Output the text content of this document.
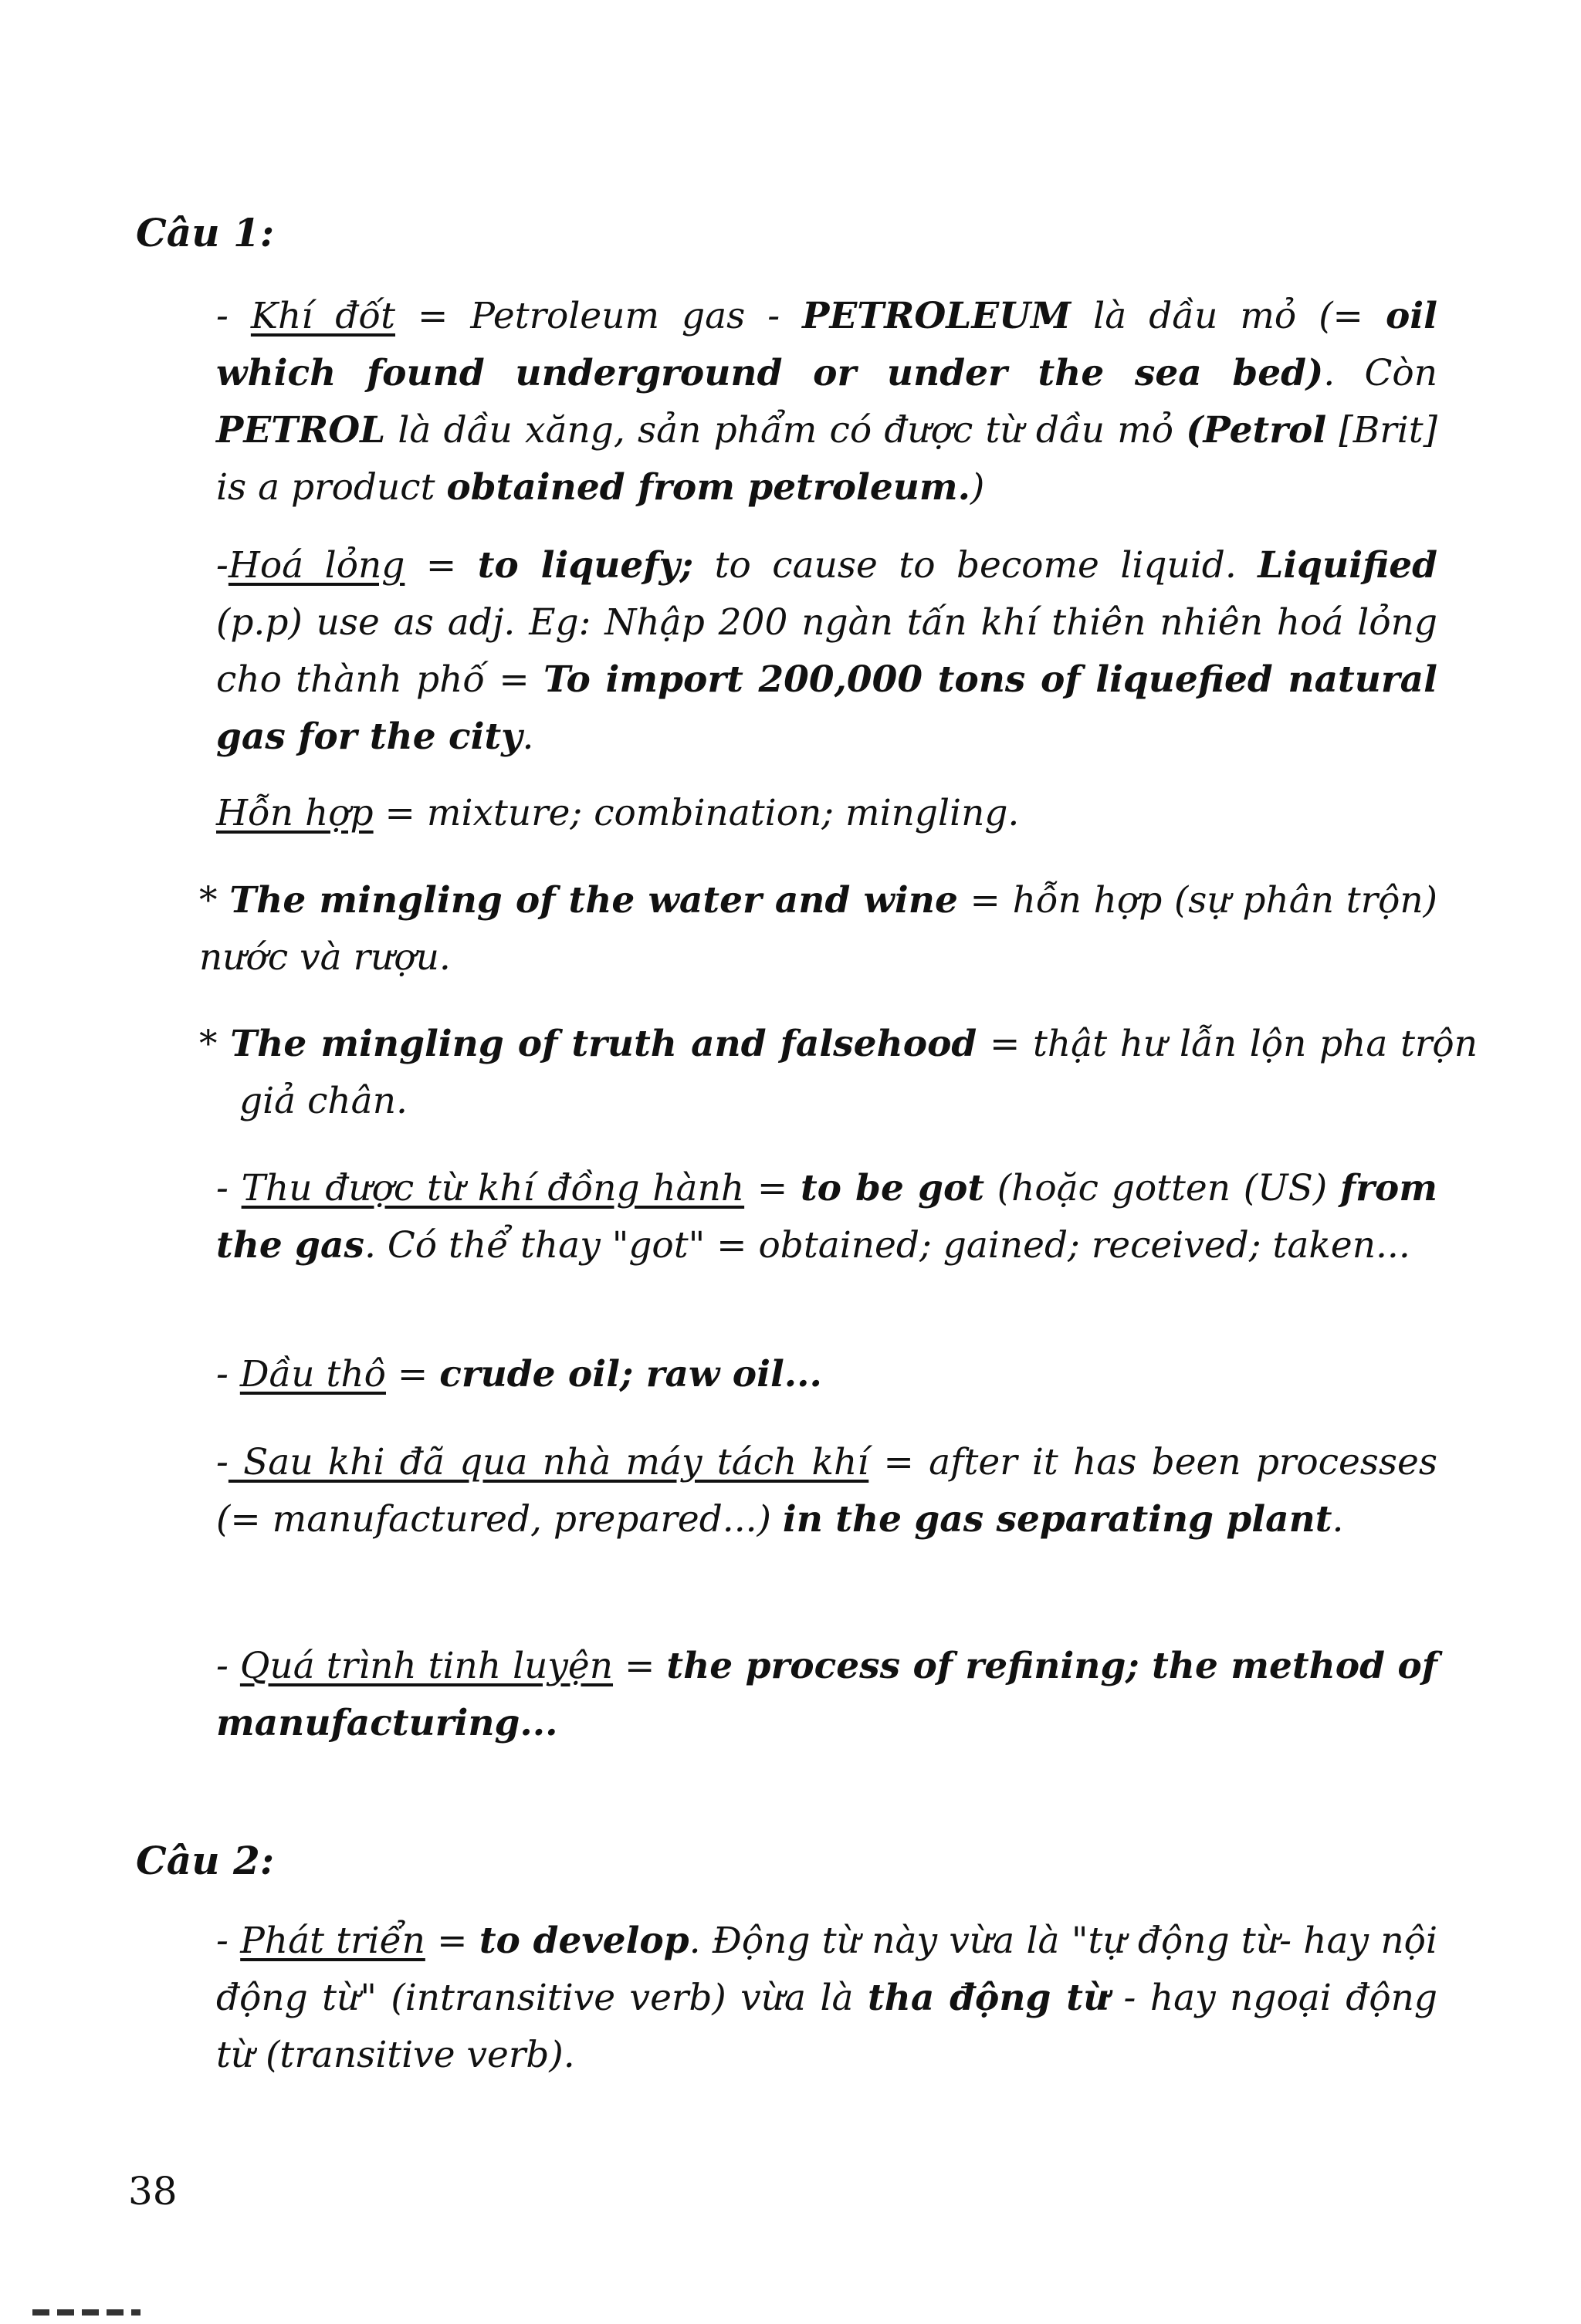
Câu 1:
- Khí đốt = Petroleum gas - PETROLEUM là dầu mỏ (= oil which found underground or under the sea bed). Còn PETROL là dầu xăng, sản phẩm có được từ dầu mỏ (Petrol [Brit] is a product obtained from petroleum.)
-Hoá lỏng = to liquefy; to cause to become liquid. Liquified (p.p) use as adj. Eg: Nhập 200 ngàn tấn khí thiên nhiên hoá lỏng cho thành phố = To import 200,000 tons of liquefied natural gas for the city.
Hỗn hợp = mixture; combination; mingling.
* The mingling of the water and wine = hỗn hợp (sự phân trộn) nước và rượu.
* The mingling of truth and falsehood = thật hư lẫn lộn pha trộn giả chân.
- Thu được từ khí đồng hành = to be got (hoặc gotten (US) from the gas. Có thể thay "got" = obtained; gained; received; taken...
- Dầu thô = crude oil; raw oil...
- Sau khi đã qua nhà máy tách khí = after it has been processes (= manufactured, prepared...) in the gas separating plant.
- Quá trình tinh luyện = the process of refining; the method of manufacturing...
Câu 2:
- Phát triển = to develop. Động từ này vừa là "tự động từ- hay nội động từ" (intransitive verb) vừa là tha động từ - hay ngoại động từ (transitive verb).
38
